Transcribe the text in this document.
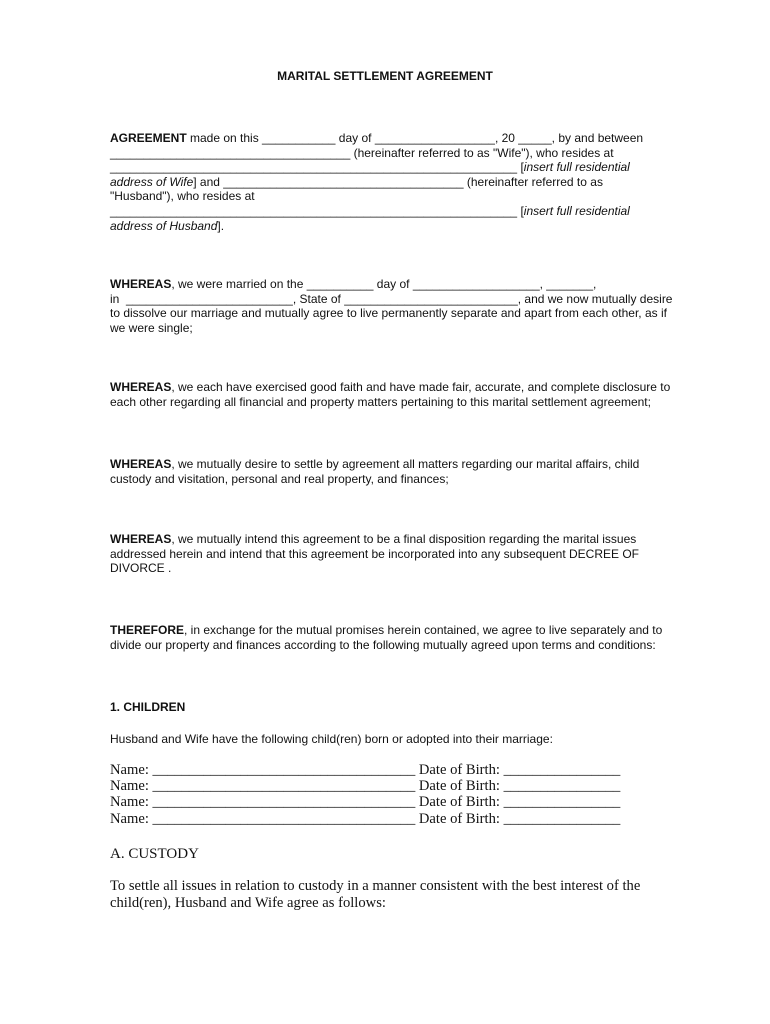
MARITAL SETTLEMENT AGREEMENT
AGREEMENT made on this ___________ day of __________________, 20 _____, by and between
____________________________________ (hereinafter referred to as "Wife"), who resides at
_____________________________________________________________ [insert full residential
address of Wife] and ____________________________________ (hereinafter referred to as
"Husband"), who resides at
_____________________________________________________________ [insert full residential
address of Husband].
WHEREAS, we were married on the __________ day of ___________________, _______,
in  _________________________, State of __________________________, and we now mutually desire
to dissolve our marriage and mutually agree to live permanently separate and apart from each other, as if
we were single;
WHEREAS, we each have exercised good faith and have made fair, accurate, and complete disclosure to
each other regarding all financial and property matters pertaining to this marital settlement agreement;
WHEREAS, we mutually desire to settle by agreement all matters regarding our marital affairs, child
custody and visitation, personal and real property, and finances;
WHEREAS, we mutually intend this agreement to be a final disposition regarding the marital issues
addressed herein and intend that this agreement be incorporated into any subsequent DECREE OF
DIVORCE .
THEREFORE, in exchange for the mutual promises herein contained, we agree to live separately and to
divide our property and finances according to the following mutually agreed upon terms and conditions:
1. CHILDREN
Husband and Wife have the following child(ren) born or adopted into their marriage:
Name: ____________________________________ Date of Birth: ________________
Name: ____________________________________ Date of Birth: ________________
Name: ____________________________________ Date of Birth: ________________
Name: ____________________________________ Date of Birth: ________________
A. CUSTODY
To settle all issues in relation to custody in a manner consistent with the best interest of the
child(ren), Husband and Wife agree as follows:
